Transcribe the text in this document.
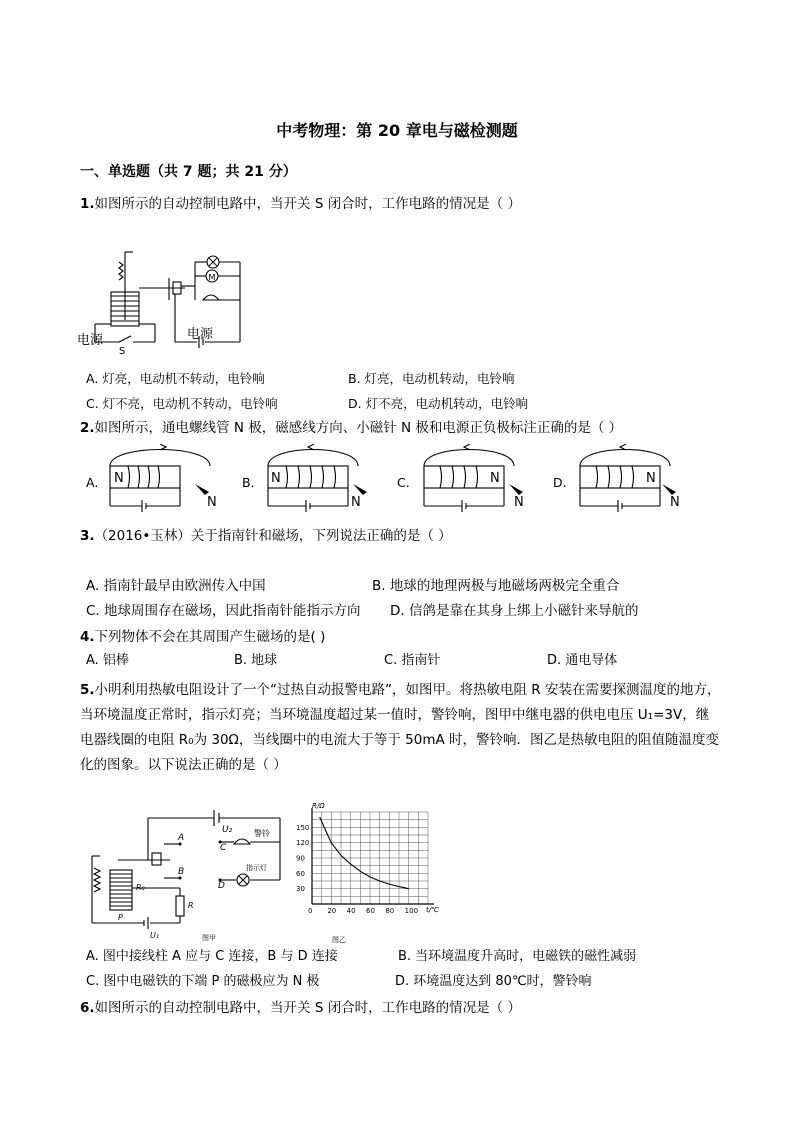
中考物理：第 20 章电与磁检测题
一、单选题（共 7 题；共 21 分）
1.如图所示的自动控制电路中，当开关 S 闭合时，工作电路的情况是（ ）
M
电源
S
电源
A. 灯亮，电动机不转动，电铃响	B. 灯亮，电动机转动，电铃响
C. 灯不亮，电动机不转动，电铃响	D. 灯不亮，电动机转动，电铃响
2.如图所示，通电螺线管 N 极，磁感线方向、小磁针 N 极和电源正负极标注正确的是（ ）
A.	B.	C.	D.
N
N
N
N
N
N
N
N
3.（2016•玉林）关于指南针和磁场，下列说法正确的是（ ）
A. 指南针最早由欧洲传入中国	B. 地球的地理两极与地磁场两极完全重合
C. 地球周围存在磁场，因此指南针能指示方向 D. 信鸽是靠在其身上绑上小磁针来导航的
4.下列物体不会在其周围产生磁场的是( )
A. 铝棒	B. 地球	C. 指南针	D. 通电导体
5.小明利用热敏电阻设计了一个“过热自动报警电路”，如图甲。将热敏电阻 R 安装在需要探测温度的地方，
当环境温度正常时，指示灯亮；当环境温度超过某一值时，警铃响，图甲中继电器的供电电压 U₁=3V，继
电器线圈的电阻 R₀为 30Ω，当线圈中的电流大于等于 50mA 时，警铃响．图乙是热敏电阻的阻值随温度变
化的图象。以下说法正确的是（ ）
U₂
A
B
C
D
警铃
指示灯
R₀
R
P
U₁	图甲
0 20 40 60 80 100
30
60
90
120
150
R/Ω
t/℃
图乙
A. 图中接线柱 A 应与 C 连接，B 与 D 连接	B. 当环境温度升高时，电磁铁的磁性减弱
C. 图中电磁铁的下端 P 的磁极应为 N 极	D. 环境温度达到 80℃时，警铃响
6.如图所示的自动控制电路中，当开关 S 闭合时，工作电路的情况是（ ）
